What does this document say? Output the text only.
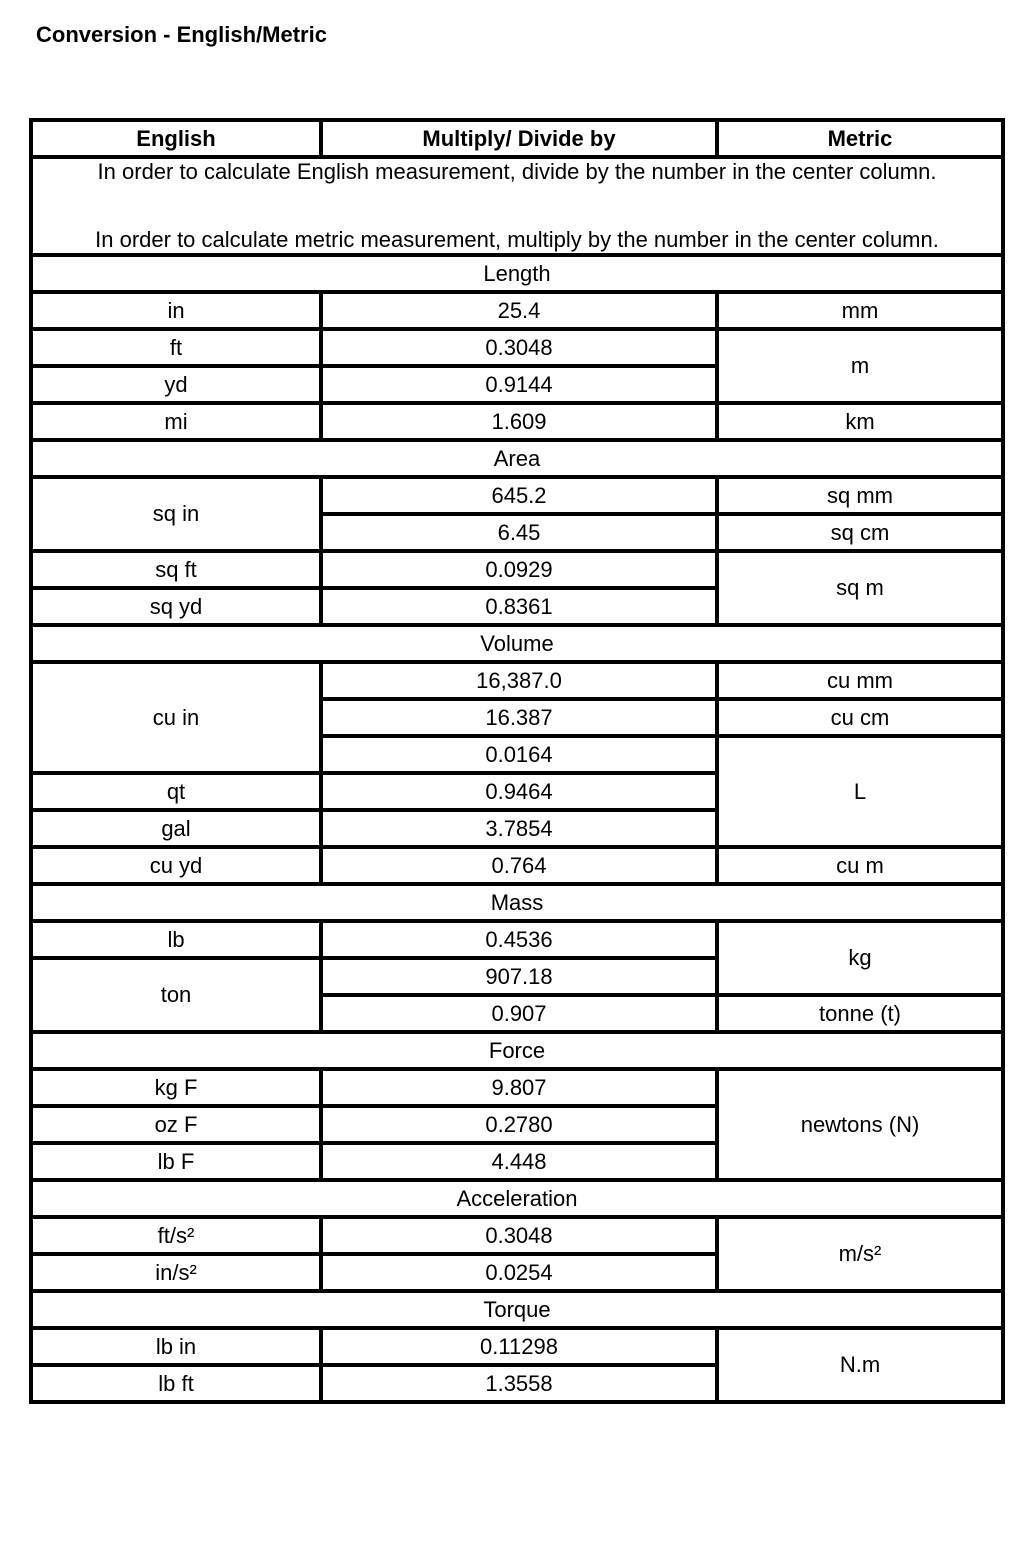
Conversion - English/Metric
English	Multiply/ Divide by	Metric

In order to calculate English measurement, divide by the number in the center column.

In order to calculate metric measurement, multiply by the number in the center column.		

Length		
in	25.4	mm
ft	0.3048	m
yd	0.9144	
mi	1.609	km
Area		
sq in	645.2	sq mm
	6.45	sq cm
sq ft	0.0929	sq m
sq yd	0.8361	
Volume		
cu in	16,387.0	cu mm
	16.387	cu cm
	0.0164	L
qt	0.9464	
gal	3.7854	
cu yd	0.764	cu m
Mass		
lb	0.4536	kg
ton	907.18	
	0.907	tonne (t)
Force		
kg F	9.807	newtons (N)
oz F	0.2780	
lb F	4.448	
Acceleration		
ft/s²	0.3048	m/s²
in/s²	0.0254	
Torque		
lb in	0.11298	N.m
lb ft	1.3558	
